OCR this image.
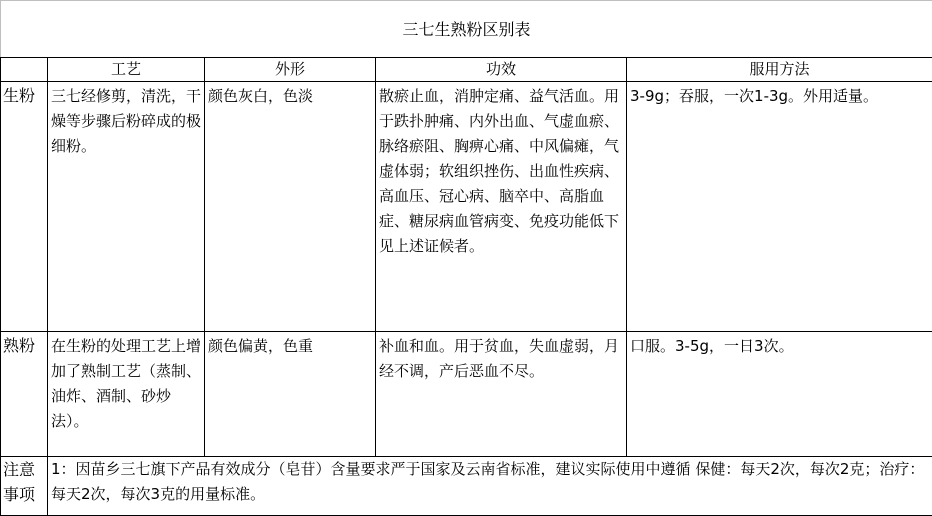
三七生熟粉区别表				
	工艺	外形	功效	服用方法
生粉	三七经修剪，清洗，干燥等步骤后粉碎成的极细粉。	颜色灰白，色淡	散瘀止血，消肿定痛、益气活血。用于跌扑肿痛、内外出血、气虚血瘀、脉络瘀阻、胸痹心痛、中风偏瘫，气虚体弱；软组织挫伤、出血性疾病、高血压、冠心病、脑卒中、高脂血症、糖尿病血管病变、免疫功能低下见上述证候者。	3-9g；吞服，一次1-3g。外用适量。

熟粉	在生粉的处理工艺上增加了熟制工艺（蒸制、油炸、酒制、砂炒法）。	颜色偏黄，色重	补血和血。用于贫血，失血虚弱，月经不调，产后恶血不尽。	口服。3-5g，一日3次。

注意事项	1：因苗乡三七旗下产品有效成分（皂苷）含量要求严于国家及云南省标准，建议实际使用中遵循 保健：每天2次，每次2克；治疗：每天2次，每次3克的用量标准。			
